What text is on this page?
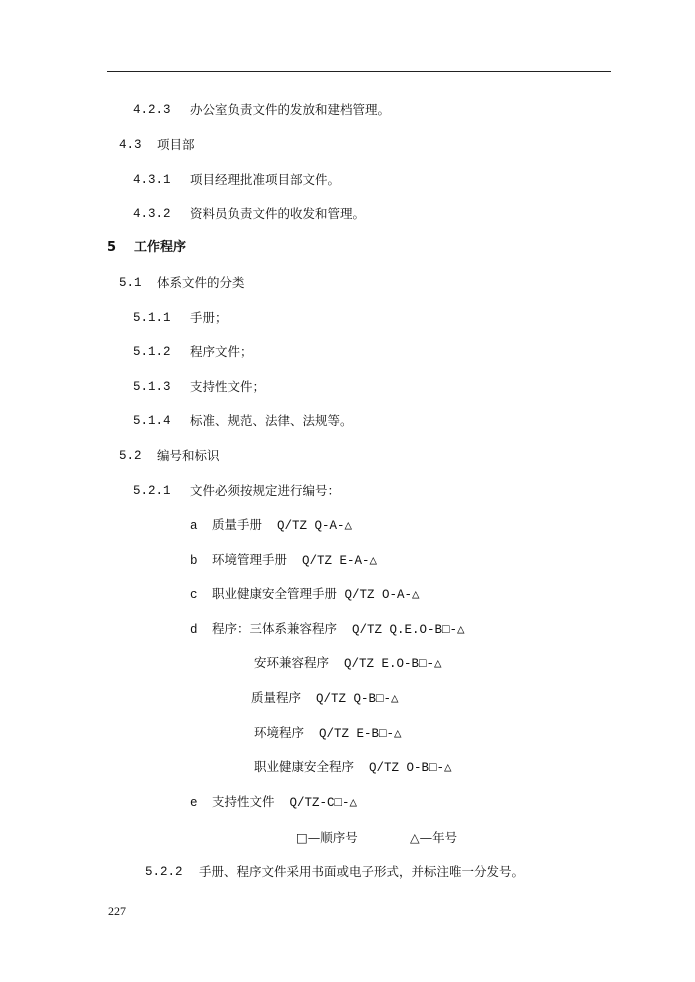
4.2.3 办公室负责文件的发放和建档管理。
4.3 项目部
4.3.1 项目经理批准项目部文件。
4.3.2 资料员负责文件的收发和管理。
5 工作程序
5.1 体系文件的分类
5.1.1 手册；
5.1.2 程序文件；
5.1.3 支持性文件；
5.1.4 标准、规范、法律、法规等。
5.2 编号和标识
5.2.1 文件必须按规定进行编号：
a 质量手册  Q/TZ Q-A-△
b 环境管理手册  Q/TZ E-A-△
c 职业健康安全管理手册 Q/TZ O-A-△
d 程序：三体系兼容程序  Q/TZ Q.E.O-B□-△
安环兼容程序  Q/TZ E.O-B□-△
质量程序  Q/TZ Q-B□-△
环境程序  Q/TZ E-B□-△
职业健康安全程序  Q/TZ O-B□-△
e 支持性文件  Q/TZ-C□-△
□—顺序号	△—年号
5.2.2 手册、程序文件采用书面或电子形式，并标注唯一分发号。
227
